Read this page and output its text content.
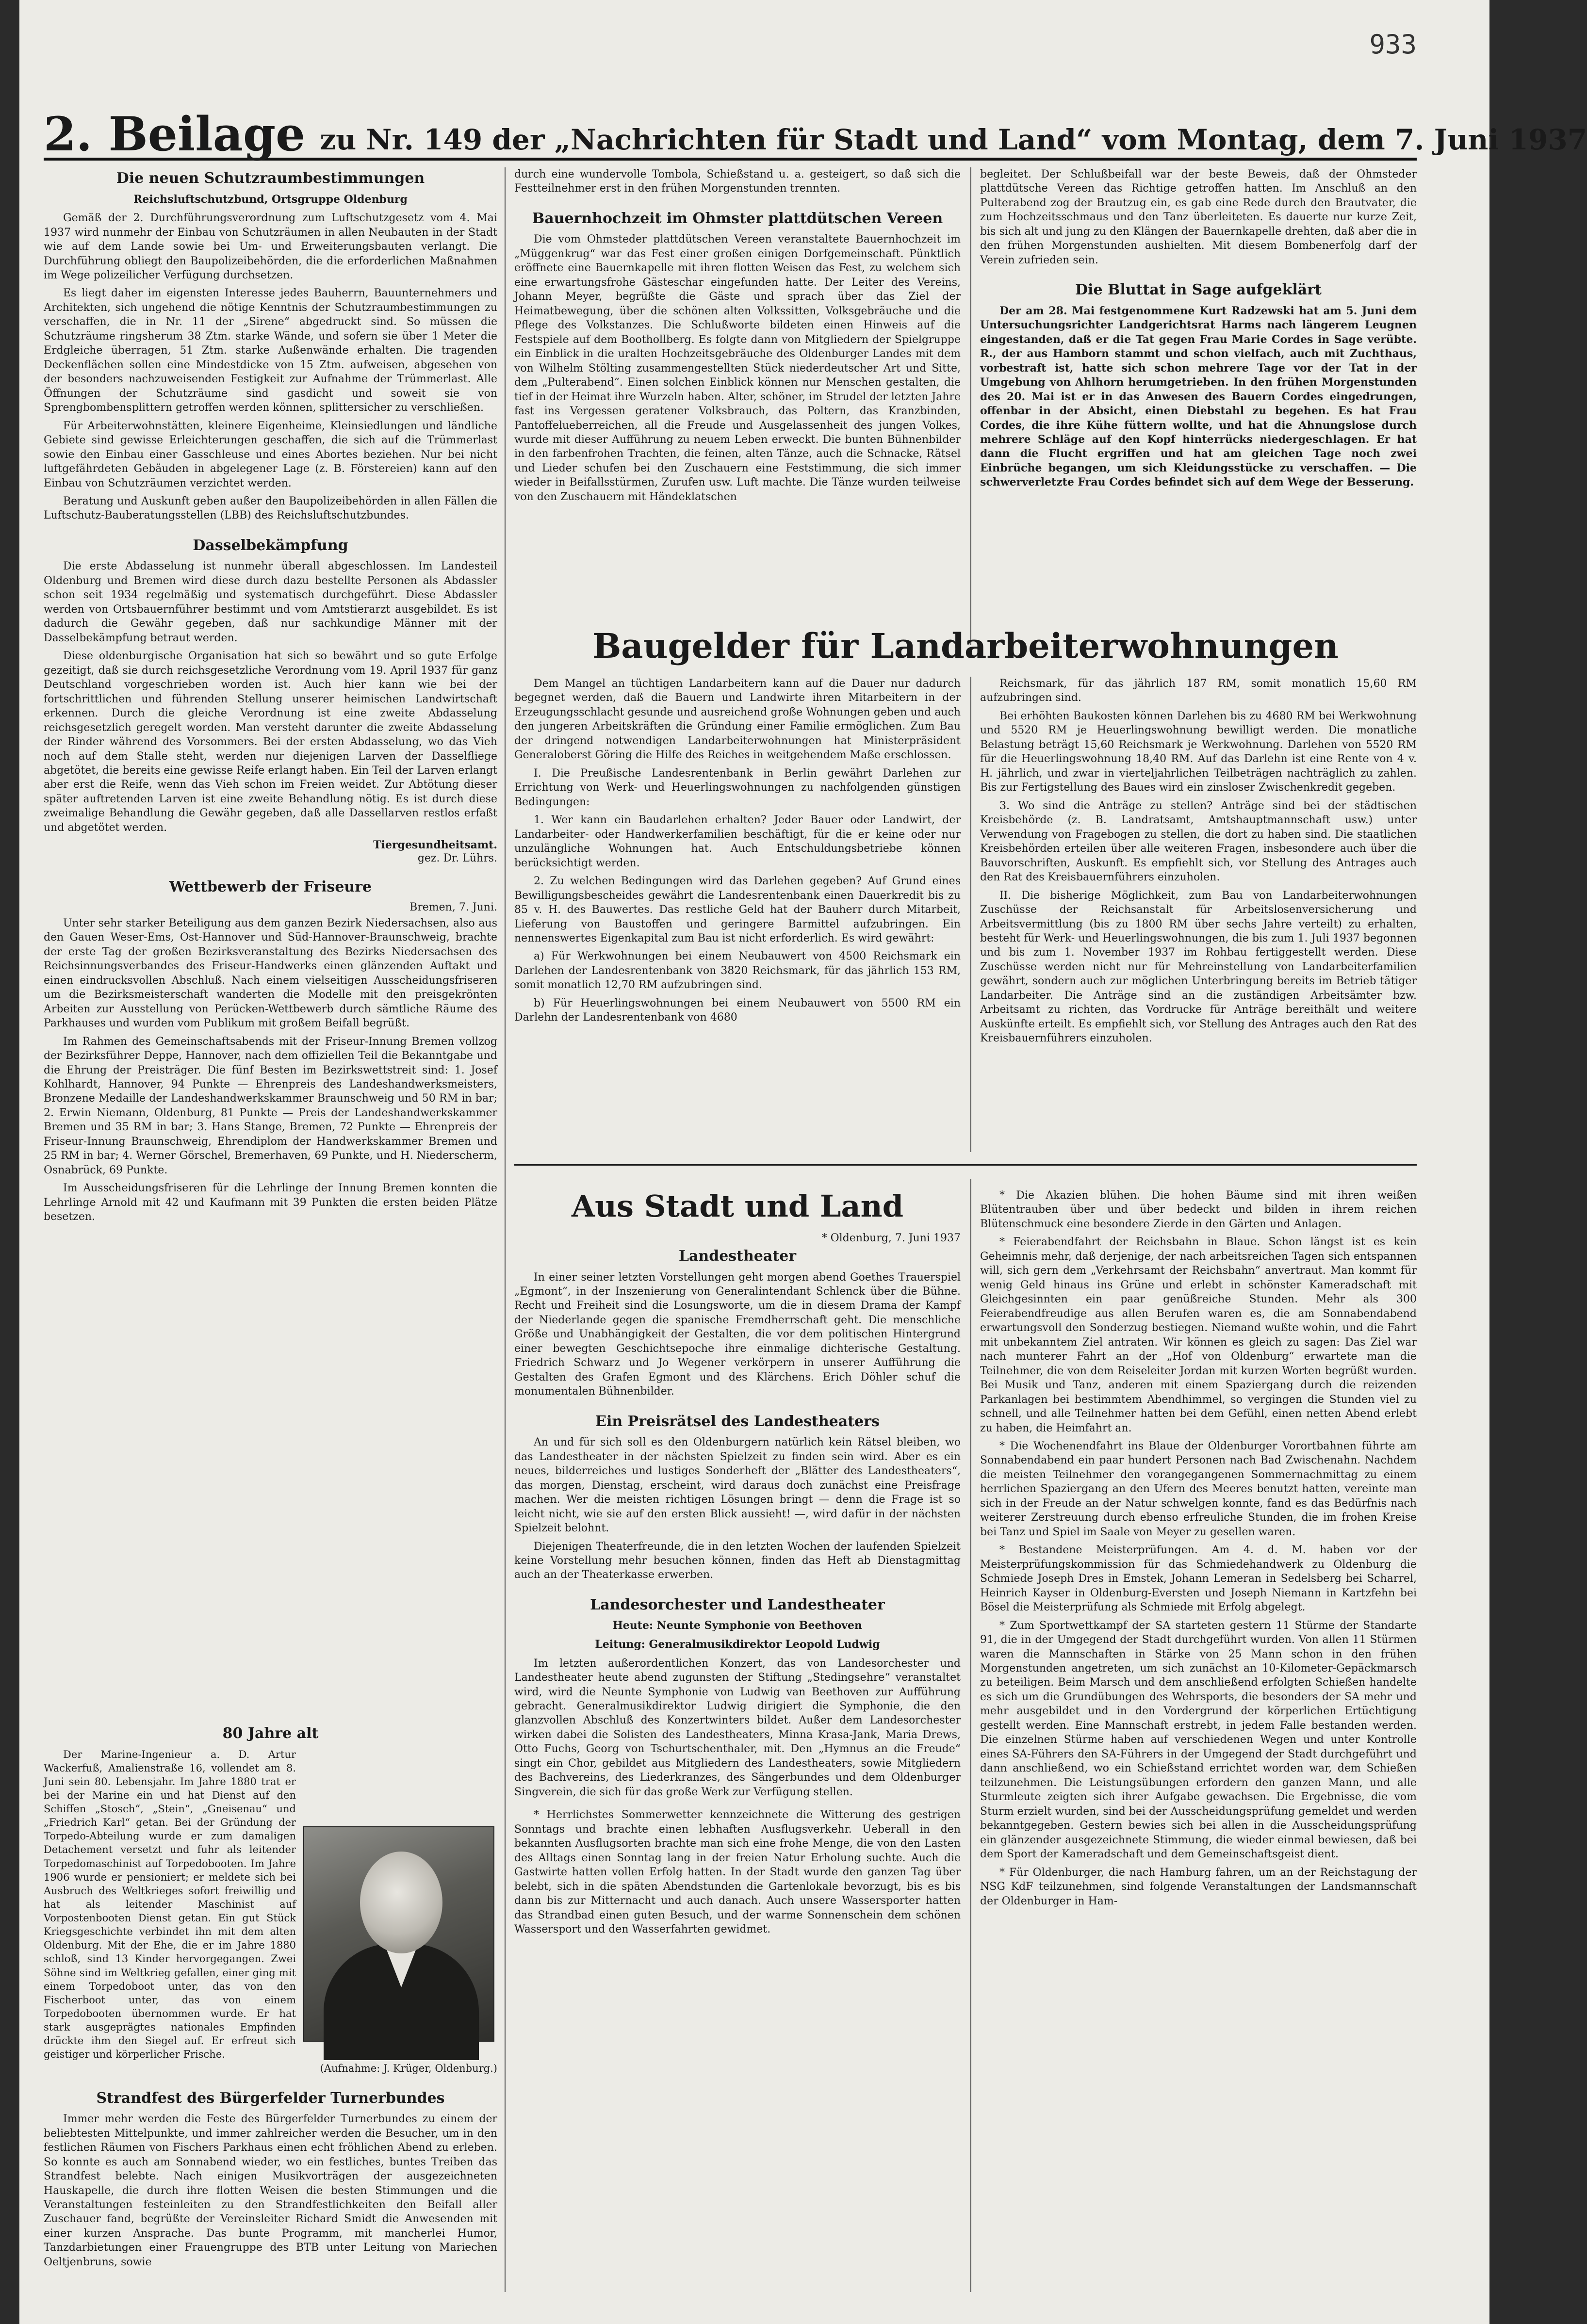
933
2. Beilage zu Nr. 149 der „Nachrichten für Stadt und Land“ vom Montag, dem 7. Juni 1937
Die neuen Schutzraumbestimmungen
Reichsluftschutzbund, Ortsgruppe Oldenburg

Gemäß der 2. Durchführungsverordnung zum Luftschutzgesetz vom 4. Mai 1937 wird nunmehr der Einbau von Schutzräumen in allen Neubauten in der Stadt wie auf dem Lande sowie bei Um- und Erweiterungsbauten verlangt. Die Durchführung obliegt den Baupolizeibehörden, die die erforderlichen Maßnahmen im Wege polizeilicher Verfügung durchsetzen.

Es liegt daher im eigensten Interesse jedes Bauherrn, Bauunternehmers und Architekten, sich ungehend die nötige Kenntnis der Schutzraumbestimmungen zu verschaffen, die in Nr. 11 der „Sirene“ abgedruckt sind. So müssen die Schutzräume ringsherum 38 Ztm. starke Wände, und sofern sie über 1 Meter die Erdgleiche überragen, 51 Ztm. starke Außenwände erhalten. Die tragenden Deckenflächen sollen eine Mindestdicke von 15 Ztm. aufweisen, abgesehen von der besonders nachzuweisenden Festigkeit zur Aufnahme der Trümmerlast. Alle Öffnungen der Schutzräume sind gasdicht und soweit sie von Sprengbombensplittern getroffen werden können, splittersicher zu verschließen.

Für Arbeiterwohnstätten, kleinere Eigenheime, Kleinsiedlungen und ländliche Gebiete sind gewisse Erleichterungen geschaffen, die sich auf die Trümmerlast sowie den Einbau einer Gasschleuse und eines Abortes beziehen. Nur bei nicht luftgefährdeten Gebäuden in abgelegener Lage (z. B. Förstereien) kann auf den Einbau von Schutzräumen verzichtet werden.

Beratung und Auskunft geben außer den Baupolizeibehörden in allen Fällen die Luftschutz-Bauberatungsstellen (LBB) des Reichsluftschutzbundes.

Dasselbekämpfung

Die erste Abdasselung ist nunmehr überall abgeschlossen. Im Landesteil Oldenburg und Bremen wird diese durch dazu bestellte Personen als Abdassler schon seit 1934 regelmäßig und systematisch durchgeführt. Diese Abdassler werden von Ortsbauernführer bestimmt und vom Amtstierarzt ausgebildet. Es ist dadurch die Gewähr gegeben, daß nur sachkundige Männer mit der Dasselbekämpfung betraut werden.

Diese oldenburgische Organisation hat sich so bewährt und so gute Erfolge gezeitigt, daß sie durch reichsgesetzliche Verordnung vom 19. April 1937 für ganz Deutschland vorgeschrieben worden ist. Auch hier kann wie bei der fortschrittlichen und führenden Stellung unserer heimischen Landwirtschaft erkennen. Durch die gleiche Verordnung ist eine zweite Abdasselung reichsgesetzlich geregelt worden. Man versteht darunter die zweite Abdasselung der Rinder während des Vorsommers. Bei der ersten Abdasselung, wo das Vieh noch auf dem Stalle steht, werden nur diejenigen Larven der Dasselfliege abgetötet, die bereits eine gewisse Reife erlangt haben. Ein Teil der Larven erlangt aber erst die Reife, wenn das Vieh schon im Freien weidet. Zur Abtötung dieser später auftretenden Larven ist eine zweite Behandlung nötig. Es ist durch diese zweimalige Behandlung die Gewähr gegeben, daß alle Dassellarven restlos erfaßt und abgetötet werden.

Tiergesundheitsamt.
gez. Dr. Lührs.
Wettbewerb der Friseure
Bremen, 7. Juni.

Unter sehr starker Beteiligung aus dem ganzen Bezirk Niedersachsen, also aus den Gauen Weser-Ems, Ost-Hannover und Süd-Hannover-Braunschweig, brachte der erste Tag der großen Bezirksveranstaltung des Bezirks Niedersachsen des Reichsinnungsverbandes des Friseur-Handwerks einen glänzenden Auftakt und einen eindrucksvollen Abschluß. Nach einem vielseitigen Ausscheidungsfriseren um die Bezirksmeisterschaft wanderten die Modelle mit den preisgekrönten Arbeiten zur Ausstellung von Perücken-Wettbewerb durch sämtliche Räume des Parkhauses und wurden vom Publikum mit großem Beifall begrüßt.

Im Rahmen des Gemeinschaftsabends mit der Friseur-Innung Bremen vollzog der Bezirksführer Deppe, Hannover, nach dem offiziellen Teil die Bekanntgabe und die Ehrung der Preisträger. Die fünf Besten im Bezirkswettstreit sind: 1. Josef Kohlhardt, Hannover, 94 Punkte — Ehrenpreis des Landeshandwerksmeisters, Bronzene Medaille der Landeshandwerkskammer Braunschweig und 50 RM in bar; 2. Erwin Niemann, Oldenburg, 81 Punkte — Preis der Landeshandwerkskammer Bremen und 35 RM in bar; 3. Hans Stange, Bremen, 72 Punkte — Ehrenpreis der Friseur-Innung Braunschweig, Ehrendiplom der Handwerkskammer Bremen und 25 RM in bar; 4. Werner Görschel, Bremerhaven, 69 Punkte, und H. Niederscherm, Osnabrück, 69 Punkte.

Im Ausscheidungsfriseren für die Lehrlinge der Innung Bremen konnten die Lehrlinge Arnold mit 42 und Kaufmann mit 39 Punkten die ersten beiden Plätze besetzen.

80 Jahre alt

Der Marine-Ingenieur a. D. Artur Wackerfuß, Amalienstraße 16, vollendet am 8. Juni sein 80. Lebensjahr. Im Jahre 1880 trat er bei der Marine ein und hat Dienst auf den Schiffen „Stosch“, „Stein“, „Gneisenau“ und „Friedrich Karl“ getan. Bei der Gründung der Torpedo-Abteilung wurde er zum damaligen Detachement versetzt und fuhr als leitender Torpedomaschinist auf Torpedobooten. Im Jahre 1906 wurde er pensioniert; er meldete sich bei Ausbruch des Weltkrieges sofort freiwillig und hat als leitender Maschinist auf Vorpostenbooten Dienst getan. Ein gut Stück Kriegsgeschichte verbindet ihn mit dem alten Oldenburg. Mit der Ehe, die er im Jahre 1880 schloß, sind 13 Kinder hervorgegangen. Zwei Söhne sind im Weltkrieg gefallen, einer ging mit einem Torpedoboot unter, das von den Fischerboot unter, das von einem Torpedobooten übernommen wurde. Er hat stark ausgeprägtes nationales Empfinden drückte ihm den Siegel auf. Er erfreut sich geistiger und körperlicher Frische.

(Aufnahme: J. Krüger, Oldenburg.)

Strandfest des Bürgerfelder Turnerbundes

Immer mehr werden die Feste des Bürgerfelder Turnerbundes zu einem der beliebtesten Mittelpunkte, und immer zahlreicher werden die Besucher, um in den festlichen Räumen von Fischers Parkhaus einen echt fröhlichen Abend zu erleben. So konnte es auch am Sonnabend wieder, wo ein festliches, buntes Treiben das Strandfest belebte. Nach einigen Musikvorträgen der ausgezeichneten Hauskapelle, die durch ihre flotten Weisen die besten Stimmungen und die Veranstaltungen festeinleiten zu den Strandfestlichkeiten den Beifall aller Zuschauer fand, begrüßte der Vereinsleiter Richard Smidt die Anwesenden mit einer kurzen Ansprache. Das bunte Programm, mit mancherlei Humor, Tanzdarbietungen einer Frauengruppe des BTB unter Leitung von Mariechen Oeltjenbruns, sowie

durch eine wundervolle Tombola, Schießstand u. a. gesteigert, so daß sich die Festteilnehmer erst in den frühen Morgenstunden trennten.

Bauernhochzeit im Ohmster plattdütschen Vereen

Die vom Ohmsteder plattdütschen Vereen veranstaltete Bauernhochzeit im „Müggenkrug“ war das Fest einer großen einigen Dorfgemeinschaft. Pünktlich eröffnete eine Bauernkapelle mit ihren flotten Weisen das Fest, zu welchem sich eine erwartungsfrohe Gästeschar eingefunden hatte. Der Leiter des Vereins, Johann Meyer, begrüßte die Gäste und sprach über das Ziel der Heimatbewegung, über die schönen alten Volkssitten, Volksgebräuche und die Pflege des Volkstanzes. Die Schlußworte bildeten einen Hinweis auf die Festspiele auf dem Boothollberg. Es folgte dann von Mitgliedern der Spielgruppe ein Einblick in die uralten Hochzeitsgebräuche des Oldenburger Landes mit dem von Wilhelm Stölting zusammengestellten Stück niederdeutscher Art und Sitte, dem „Pulterabend“. Einen solchen Einblick können nur Menschen gestalten, die tief in der Heimat ihre Wurzeln haben. Alter, schöner, im Strudel der letzten Jahre fast ins Vergessen geratener Volksbrauch, das Poltern, das Kranzbinden, Pantoffelueberreichen, all die Freude und Ausgelassenheit des jungen Volkes, wurde mit dieser Aufführung zu neuem Leben erweckt. Die bunten Bühnenbilder in den farbenfrohen Trachten, die feinen, alten Tänze, auch die Schnacke, Rätsel und Lieder schufen bei den Zuschauern eine Feststimmung, die sich immer wieder in Beifallsstürmen, Zurufen usw. Luft machte. Die Tänze wurden teilweise von den Zuschauern mit Händeklatschen

begleitet. Der Schlußbeifall war der beste Beweis, daß der Ohmsteder plattdütsche Vereen das Richtige getroffen hatten. Im Anschluß an den Pulterabend zog der Brautzug ein, es gab eine Rede durch den Brautvater, die zum Hochzeitsschmaus und den Tanz überleiteten. Es dauerte nur kurze Zeit, bis sich alt und jung zu den Klängen der Bauernkapelle drehten, daß aber die in den frühen Morgenstunden aushielten. Mit diesem Bombenerfolg darf der Verein zufrieden sein.

Die Bluttat in Sage aufgeklärt

Der am 28. Mai festgenommene Kurt Radzewski hat am 5. Juni dem Untersuchungsrichter Landgerichtsrat Harms nach längerem Leugnen eingestanden, daß er die Tat gegen Frau Marie Cordes in Sage verübte. R., der aus Hamborn stammt und schon vielfach, auch mit Zuchthaus, vorbestraft ist, hatte sich schon mehrere Tage vor der Tat in der Umgebung von Ahlhorn herumgetrieben. In den frühen Morgenstunden des 20. Mai ist er in das Anwesen des Bauern Cordes eingedrungen, offenbar in der Absicht, einen Diebstahl zu begehen. Es hat Frau Cordes, die ihre Kühe füttern wollte, und hat die Ahnungslose durch mehrere Schläge auf den Kopf hinterrücks niedergeschlagen. Er hat dann die Flucht ergriffen und hat am gleichen Tage noch zwei Einbrüche begangen, um sich Kleidungsstücke zu verschaffen. — Die schwerverletzte Frau Cordes befindet sich auf dem Wege der Besserung.

Baugelder für Landarbeiterwohnungen

Dem Mangel an tüchtigen Landarbeitern kann auf die Dauer nur dadurch begegnet werden, daß die Bauern und Landwirte ihren Mitarbeitern in der Erzeugungsschlacht gesunde und ausreichend große Wohnungen geben und auch den jungeren Arbeitskräften die Gründung einer Familie ermöglichen. Zum Bau der dringend notwendigen Landarbeiterwohnungen hat Ministerpräsident Generaloberst Göring die Hilfe des Reiches in weitgehendem Maße erschlossen.

I. Die Preußische Landesrentenbank in Berlin gewährt Darlehen zur Errichtung von Werk- und Heuerlingswohnungen zu nachfolgenden günstigen Bedingungen:

1. Wer kann ein Baudarlehen erhalten? Jeder Bauer oder Landwirt, der Landarbeiter- oder Handwerkerfamilien beschäftigt, für die er keine oder nur unzulängliche Wohnungen hat. Auch Entschuldungsbetriebe können berücksichtigt werden.

2. Zu welchen Bedingungen wird das Darlehen gegeben? Auf Grund eines Bewilligungsbescheides gewährt die Landesrentenbank einen Dauerkredit bis zu 85 v. H. des Bauwertes. Das restliche Geld hat der Bauherr durch Mitarbeit, Lieferung von Baustoffen und geringere Barmittel aufzubringen. Ein nennenswertes Eigenkapital zum Bau ist nicht erforderlich. Es wird gewährt:

a) Für Werkwohnungen bei einem Neubauwert von 4500 Reichsmark ein Darlehen der Landesrentenbank von 3820 Reichsmark, für das jährlich 153 RM, somit monatlich 12,70 RM aufzubringen sind.

b) Für Heuerlingswohnungen bei einem Neubauwert von 5500 RM ein Darlehn der Landesrentenbank von 4680

Reichsmark, für das jährlich 187 RM, somit monatlich 15,60 RM aufzubringen sind.

Bei erhöhten Baukosten können Darlehen bis zu 4680 RM bei Werkwohnung und 5520 RM je Heuerlingswohnung bewilligt werden. Die monatliche Belastung beträgt 15,60 Reichsmark je Werkwohnung. Darlehen von 5520 RM für die Heuerlingswohnung 18,40 RM. Auf das Darlehn ist eine Rente von 4 v. H. jährlich, und zwar in vierteljahrlichen Teilbeträgen nachträglich zu zahlen. Bis zur Fertigstellung des Baues wird ein zinsloser Zwischenkredit gegeben.

3. Wo sind die Anträge zu stellen? Anträge sind bei der städtischen Kreisbehörde (z. B. Landratsamt, Amtshauptmannschaft usw.) unter Verwendung von Fragebogen zu stellen, die dort zu haben sind. Die staatlichen Kreisbehörden erteilen über alle weiteren Fragen, insbesondere auch über die Bauvorschriften, Auskunft. Es empfiehlt sich, vor Stellung des Antrages auch den Rat des Kreisbauernführers einzuholen.

II. Die bisherige Möglichkeit, zum Bau von Landarbeiterwohnungen Zuschüsse der Reichsanstalt für Arbeitslosenversicherung und Arbeitsvermittlung (bis zu 1800 RM über sechs Jahre verteilt) zu erhalten, besteht für Werk- und Heuerlingswohnungen, die bis zum 1. Juli 1937 begonnen und bis zum 1. November 1937 im Rohbau fertiggestellt werden. Diese Zuschüsse werden nicht nur für Mehreinstellung von Landarbeiterfamilien gewährt, sondern auch zur möglichen Unterbringung bereits im Betrieb tätiger Landarbeiter. Die Anträge sind an die zuständigen Arbeitsämter bzw. Arbeitsamt zu richten, das Vordrucke für Anträge bereithält und weitere Auskünfte erteilt. Es empfiehlt sich, vor Stellung des Antrages auch den Rat des Kreisbauernführers einzuholen.

Aus Stadt und Land
* Oldenburg, 7. Juni 1937
Landestheater

In einer seiner letzten Vorstellungen geht morgen abend Goethes Trauerspiel „Egmont“, in der Inszenierung von Generalintendant Schlenck über die Bühne. Recht und Freiheit sind die Losungsworte, um die in diesem Drama der Kampf der Niederlande gegen die spanische Fremdherrschaft geht. Die menschliche Größe und Unabhängigkeit der Gestalten, die vor dem politischen Hintergrund einer bewegten Geschichtsepoche ihre einmalige dichterische Gestaltung. Friedrich Schwarz und Jo Wegener verkörpern in unserer Aufführung die Gestalten des Grafen Egmont und des Klärchens. Erich Döhler schuf die monumentalen Bühnenbilder.

Ein Preisrätsel des Landestheaters

An und für sich soll es den Oldenburgern natürlich kein Rätsel bleiben, wo das Landestheater in der nächsten Spielzeit zu finden sein wird. Aber es ein neues, bilderreiches und lustiges Sonderheft der „Blätter des Landestheaters“, das morgen, Dienstag, erscheint, wird daraus doch zunächst eine Preisfrage machen. Wer die meisten richtigen Lösungen bringt — denn die Frage ist so leicht nicht, wie sie auf den ersten Blick aussieht! —, wird dafür in der nächsten Spielzeit belohnt.

Diejenigen Theaterfreunde, die in den letzten Wochen der laufenden Spielzeit keine Vorstellung mehr besuchen können, finden das Heft ab Dienstagmittag auch an der Theaterkasse erwerben.

Landesorchester und Landestheater
Heute: Neunte Symphonie von Beethoven
Leitung: Generalmusikdirektor Leopold Ludwig

Im letzten außerordentlichen Konzert, das von Landesorchester und Landestheater heute abend zugunsten der Stiftung „Stedingsehre“ veranstaltet wird, wird die Neunte Symphonie von Ludwig van Beethoven zur Aufführung gebracht. Generalmusikdirektor Ludwig dirigiert die Symphonie, die den glanzvollen Abschluß des Konzertwinters bildet. Außer dem Landesorchester wirken dabei die Solisten des Landestheaters, Minna Krasa-Jank, Maria Drews, Otto Fuchs, Georg von Tschurtschenthaler, mit. Den „Hymnus an die Freude“ singt ein Chor, gebildet aus Mitgliedern des Landestheaters, sowie Mitgliedern des Bachvereins, des Liederkranzes, des Sängerbundes und dem Oldenburger Singverein, die sich für das große Werk zur Verfügung stellen.

* Herrlichstes Sommerwetter kennzeichnete die Witterung des gestrigen Sonntags und brachte einen lebhaften Ausflugsverkehr. Ueberall in den bekannten Ausflugsorten brachte man sich eine frohe Menge, die von den Lasten des Alltags einen Sonntag lang in der freien Natur Erholung suchte. Auch die Gastwirte hatten vollen Erfolg hatten. In der Stadt wurde den ganzen Tag über belebt, sich in die späten Abendstunden die Gartenlokale bevorzugt, bis es bis dann bis zur Mitternacht und auch danach. Auch unsere Wassersporter hatten das Strandbad einen guten Besuch, und der warme Sonnenschein dem schönen Wassersport und den Wasserfahrten gewidmet.

* Die Akazien blühen. Die hohen Bäume sind mit ihren weißen Blütentrauben über und über bedeckt und bilden in ihrem reichen Blütenschmuck eine besondere Zierde in den Gärten und Anlagen.

* Feierabendfahrt der Reichsbahn in Blaue. Schon längst ist es kein Geheimnis mehr, daß derjenige, der nach arbeitsreichen Tagen sich entspannen will, sich gern dem „Verkehrsamt der Reichsbahn“ anvertraut. Man kommt für wenig Geld hinaus ins Grüne und erlebt in schönster Kameradschaft mit Gleichgesinnten ein paar genüßreiche Stunden. Mehr als 300 Feierabendfreudige aus allen Berufen waren es, die am Sonnabendabend erwartungsvoll den Sonderzug bestiegen. Niemand wußte wohin, und die Fahrt mit unbekanntem Ziel antraten. Wir können es gleich zu sagen: Das Ziel war nach munterer Fahrt an der „Hof von Oldenburg“ erwartete man die Teilnehmer, die von dem Reiseleiter Jordan mit kurzen Worten begrüßt wurden. Bei Musik und Tanz, anderen mit einem Spaziergang durch die reizenden Parkanlagen bei bestimmtem Abendhimmel, so vergingen die Stunden viel zu schnell, und alle Teilnehmer hatten bei dem Gefühl, einen netten Abend erlebt zu haben, die Heimfahrt an.

* Die Wochenendfahrt ins Blaue der Oldenburger Vorortbahnen führte am Sonnabendabend ein paar hundert Personen nach Bad Zwischenahn. Nachdem die meisten Teilnehmer den vorangegangenen Sommernachmittag zu einem herrlichen Spaziergang an den Ufern des Meeres benutzt hatten, vereinte man sich in der Freude an der Natur schwelgen konnte, fand es das Bedürfnis nach weiterer Zerstreuung durch ebenso erfreuliche Stunden, die im frohen Kreise bei Tanz und Spiel im Saale von Meyer zu gesellen waren.

* Bestandene Meisterprüfungen. Am 4. d. M. haben vor der Meisterprüfungskommission für das Schmiedehandwerk zu Oldenburg die Schmiede Joseph Dres in Emstek, Johann Lemeran in Sedelsberg bei Scharrel, Heinrich Kayser in Oldenburg-Eversten und Joseph Niemann in Kartzfehn bei Bösel die Meisterprüfung als Schmiede mit Erfolg abgelegt.

* Zum Sportwettkampf der SA starteten gestern 11 Stürme der Standarte 91, die in der Umgegend der Stadt durchgeführt wurden. Von allen 11 Stürmen waren die Mannschaften in Stärke von 25 Mann schon in den frühen Morgenstunden angetreten, um sich zunächst an 10-Kilometer-Gepäckmarsch zu beteiligen. Beim Marsch und dem anschließend erfolgten Schießen handelte es sich um die Grundübungen des Wehrsports, die besonders der SA mehr und mehr ausgebildet und in den Vordergrund der körperlichen Ertüchtigung gestellt werden. Eine Mannschaft erstrebt, in jedem Falle bestanden werden. Die einzelnen Stürme haben auf verschiedenen Wegen und unter Kontrolle eines SA-Führers den SA-Führers in der Umgegend der Stadt durchgeführt und dann anschließend, wo ein Schießstand errichtet worden war, dem Schießen teilzunehmen. Die Leistungsübungen erfordern den ganzen Mann, und alle Sturmleute zeigten sich ihrer Aufgabe gewachsen. Die Ergebnisse, die vom Sturm erzielt wurden, sind bei der Ausscheidungsprüfung gemeldet und werden bekanntgegeben. Gestern bewies sich bei allen in die Ausscheidungsprüfung ein glänzender ausgezeichnete Stimmung, die wieder einmal bewiesen, daß bei dem Sport der Kameradschaft und dem Gemeinschaftsgeist dient.

* Für Oldenburger, die nach Hamburg fahren, um an der Reichstagung der NSG KdF teilzunehmen, sind folgende Veranstaltungen der Landsmannschaft der Oldenburger in Ham-
